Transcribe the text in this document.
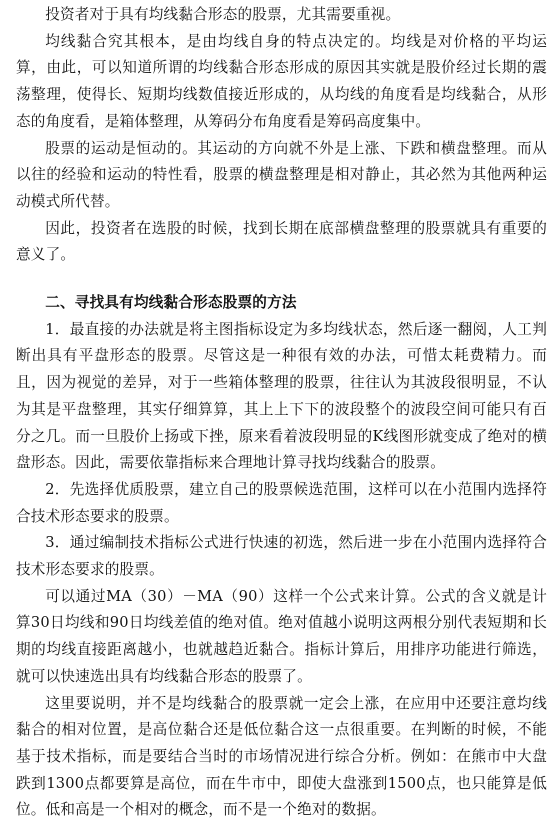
投资者对于具有均线黏合形态的股票，尤其需要重视。

均线黏合究其根本，是由均线自身的特点决定的。均线是对价格的平均运算，由此，可以知道所谓的均线黏合形态形成的原因其实就是股价经过长期的震荡整理，使得长、短期均线数值接近形成的，从均线的角度看是均线黏合，从形态的角度看，是箱体整理，从筹码分布角度看是筹码高度集中。

股票的运动是恒动的。其运动的方向就不外是上涨、下跌和横盘整理。而从以往的经验和运动的特性看，股票的横盘整理是相对静止，其必然为其他两种运动模式所代替。

因此，投资者在选股的时候，找到长期在底部横盘整理的股票就具有重要的意义了。

二、寻找具有均线黏合形态股票的方法

1．最直接的办法就是将主图指标设定为多均线状态，然后逐一翻阅，人工判断出具有平盘形态的股票。尽管这是一种很有效的办法，可惜太耗费精力。而且，因为视觉的差异，对于一些箱体整理的股票，往往认为其波段很明显，不认为其是平盘整理，其实仔细算算，其上上下下的波段整个的波段空间可能只有百分之几。而一旦股价上扬或下挫，原来看着波段明显的K线图形就变成了绝对的横盘形态。因此，需要依靠指标来合理地计算寻找均线黏合的股票。

2．先选择优质股票，建立自己的股票候选范围，这样可以在小范围内选择符合技术形态要求的股票。

3．通过编制技术指标公式进行快速的初选，然后进一步在小范围内选择符合技术形态要求的股票。

可以通过MA（30）－MA（90）这样一个公式来计算。公式的含义就是计算30日均线和90日均线差值的绝对值。绝对值越小说明这两根分别代表短期和长期的均线直接距离越小，也就越趋近黏合。指标计算后，用排序功能进行筛选，就可以快速选出具有均线黏合形态的股票了。

这里要说明，并不是均线黏合的股票就一定会上涨，在应用中还要注意均线黏合的相对位置，是高位黏合还是低位黏合这一点很重要。在判断的时候，不能基于技术指标，而是要结合当时的市场情况进行综合分析。例如：在熊市中大盘跌到1300点都要算是高位，而在牛市中，即使大盘涨到1500点，也只能算是低位。低和高是一个相对的概念，而不是一个绝对的数据。
